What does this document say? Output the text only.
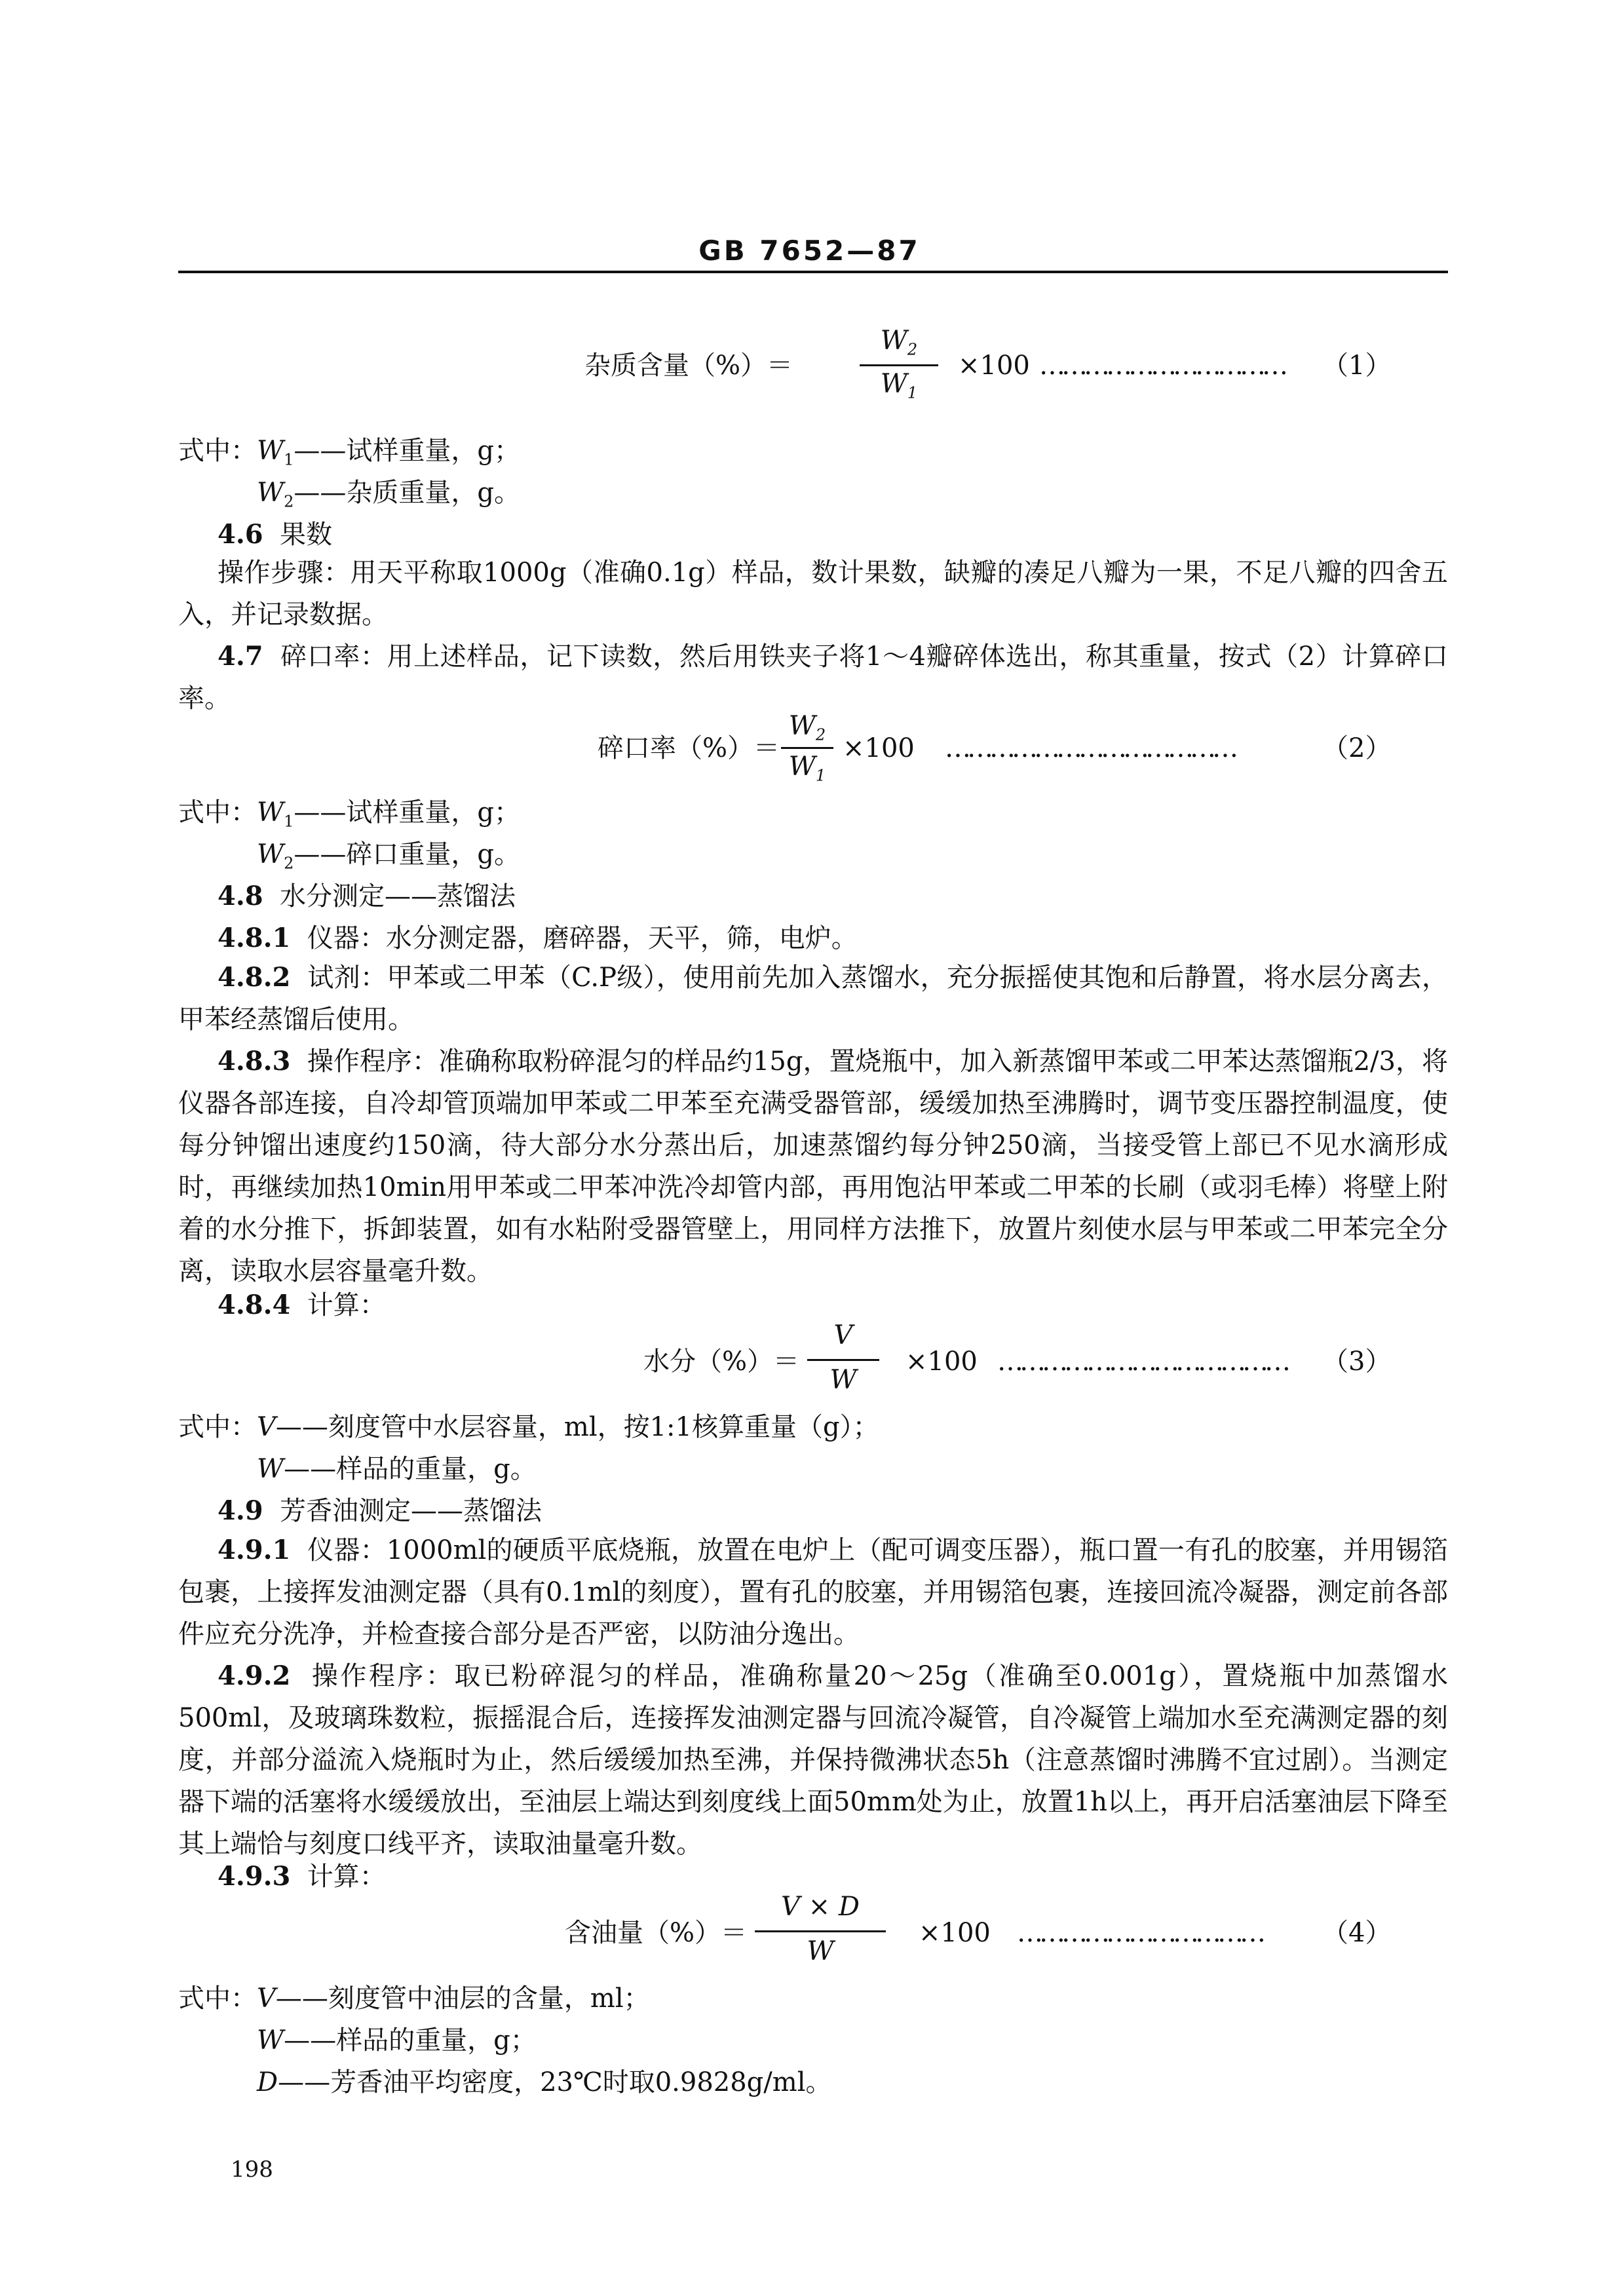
GB 7652—87
杂质含量（%）＝
$W_2$
$W_1$
×100 …………………………… （1）
式中：$W_1——$试样重量，g；
$W_2——$杂质重量，g。
4.6 果数
操作步骤：用天平称取1000g（准确0.1g）样品，数计果数，缺瓣的凑足八瓣为一果，不足八瓣的四舍五入，并记录数据。
4.7 碎口率：用上述样品，记下读数，然后用铁夹子将1～4瓣碎体选出，称其重量，按式（2）计算碎口率。
碎口率（%）＝
$W_2$
$W_1$
×100 …………………………………	（2）
式中：$W_1——$试样重量，g；
$W_2——$碎口重量，g。
4.8 水分测定——蒸馏法
4.8.1 仪器：水分测定器，磨碎器，天平，筛，电炉。
4.8.2 试剂：甲苯或二甲苯（C.P级），使用前先加入蒸馏水，充分振摇使其饱和后静置，将水层分离去，甲苯经蒸馏后使用。
4.8.3 操作程序：准确称取粉碎混匀的样品约15g，置烧瓶中，加入新蒸馏甲苯或二甲苯达蒸馏瓶2/3，将仪器各部连接，自冷却管顶端加甲苯或二甲苯至充满受器管部，缓缓加热至沸腾时，调节变压器控制温度，使每分钟馏出速度约150滴，待大部分水分蒸出后，加速蒸馏约每分钟250滴，当接受管上部已不见水滴形成时，再继续加热10min用甲苯或二甲苯冲洗冷却管内部，再用饱沾甲苯或二甲苯的长刷（或羽毛棒）将壁上附着的水分推下，拆卸装置，如有水粘附受器管壁上，用同样方法推下，放置片刻使水层与甲苯或二甲苯完全分离，读取水层容量毫升数。
4.8.4 计算：
水分（%）＝
V
W
×100 ………………………………… （3）
式中：V——刻度管中水层容量，ml，按1:1核算重量（g）；
W——样品的重量，g。
4.9 芳香油测定——蒸馏法
4.9.1 仪器：1000ml的硬质平底烧瓶，放置在电炉上（配可调变压器），瓶口置一有孔的胶塞，并用锡箔包裹，上接挥发油测定器（具有0.1ml的刻度），置有孔的胶塞，并用锡箔包裹，连接回流冷凝器，测定前各部件应充分洗净，并检查接合部分是否严密，以防油分逸出。
4.9.2 操作程序：取已粉碎混匀的样品，准确称量20～25g（准确至0.001g），置烧瓶中加蒸馏水500ml，及玻璃珠数粒，振摇混合后，连接挥发油测定器与回流冷凝管，自冷凝管上端加水至充满测定器的刻度，并部分溢流入烧瓶时为止，然后缓缓加热至沸，并保持微沸状态5h（注意蒸馏时沸腾不宜过剧）。当测定器下端的活塞将水缓缓放出，至油层上端达到刻度线上面50mm处为止，放置1h以上，再开启活塞油层下降至其上端恰与刻度口线平齐，读取油量毫升数。
4.9.3 计算：
含油量（%）＝
V × D
W
×100 …………………………… （4）
式中：V——刻度管中油层的含量，ml；
W——样品的重量，g；
D——芳香油平均密度，23℃时取0.9828g/ml。
198
